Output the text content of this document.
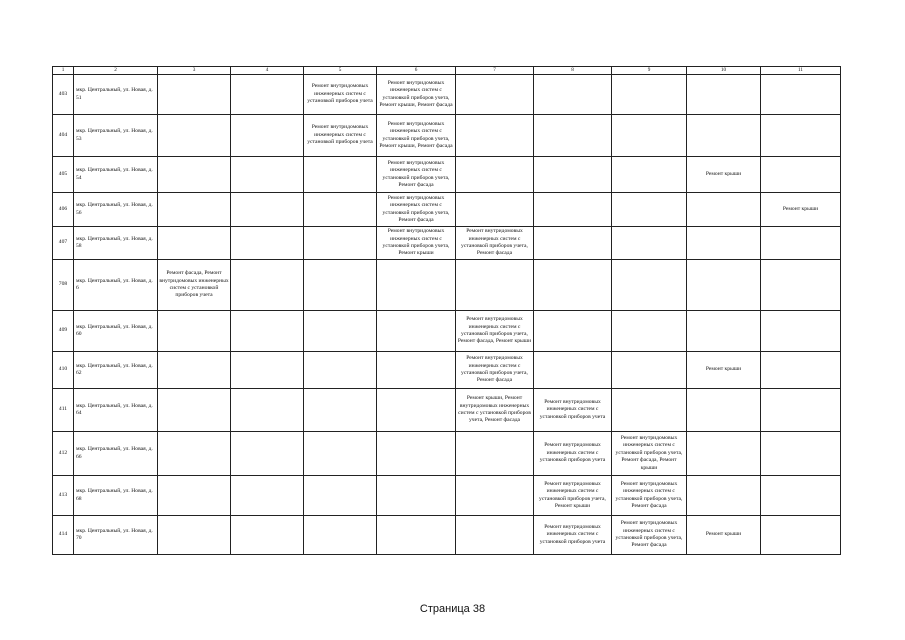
1	2	3	4	5	6	7	8	9	10	11
403	мкр. Центральный, ул. Новая, д. 51			Ремонт внутридомовых инженерных систем с установкой приборов учета	Ремонт внутридомовых инженерных систем с установкой приборов учета, Ремонт крыши, Ремонт фасада					
404	мкр. Центральный, ул. Новая, д. 53			Ремонт внутридомовых инженерных систем с установкой приборов учета	Ремонт внутридомовых инженерных систем с установкой приборов учета, Ремонт крыши, Ремонт фасада					
405	мкр. Центральный, ул. Новая, д. 54				Ремонт внутридомовых инженерных систем с установкой приборов учета, Ремонт фасада				Ремонт крыши	
406	мкр. Центральный, ул. Новая, д. 56				Ремонт внутридомовых инженерных систем с установкой приборов учета, Ремонт фасада					Ремонт крыши
407	мкр. Центральный, ул. Новая, д. 58				Ремонт внутридомовых инженерных систем с установкой приборов учета, Ремонт крыши	Ремонт внутридомовых инженерных систем с установкой приборов учета, Ремонт фасада				
708	мкр. Центральный, ул. Новая, д. 6	Ремонт фасада, Ремонт внутридомовых инженерных систем с установкой приборов учета								
409	мкр. Центральный, ул. Новая, д. 60					Ремонт внутридомовых инженерных систем с установкой приборов учета, Ремонт фасада, Ремонт крыши				
410	мкр. Центральный, ул. Новая, д. 62					Ремонт внутридомовых инженерных систем с установкой приборов учета, Ремонт фасада			Ремонт крыши	
411	мкр. Центральный, ул. Новая, д. 64					Ремонт крыши, Ремонт внутридомовых инженерных систем с установкой приборов учета, Ремонт фасада	Ремонт внутридомовых инженерных систем с установкой приборов учета			
412	мкр. Центральный, ул. Новая, д. 66						Ремонт внутридомовых инженерных систем с установкой приборов учета	Ремонт внутридомовых инженерных систем с установкой приборов учета, Ремонт фасада, Ремонт крыши		
413	мкр. Центральный, ул. Новая, д. 68						Ремонт внутридомовых инженерных систем с установкой приборов учета, Ремонт крыши	Ремонт внутридомовых инженерных систем с установкой приборов учета, Ремонт фасада		
414	мкр. Центральный, ул. Новая, д. 70						Ремонт внутридомовых инженерных систем с установкой приборов учета	Ремонт внутридомовых инженерных систем с установкой приборов учета, Ремонт фасада	Ремонт крыши	
Страница 38
